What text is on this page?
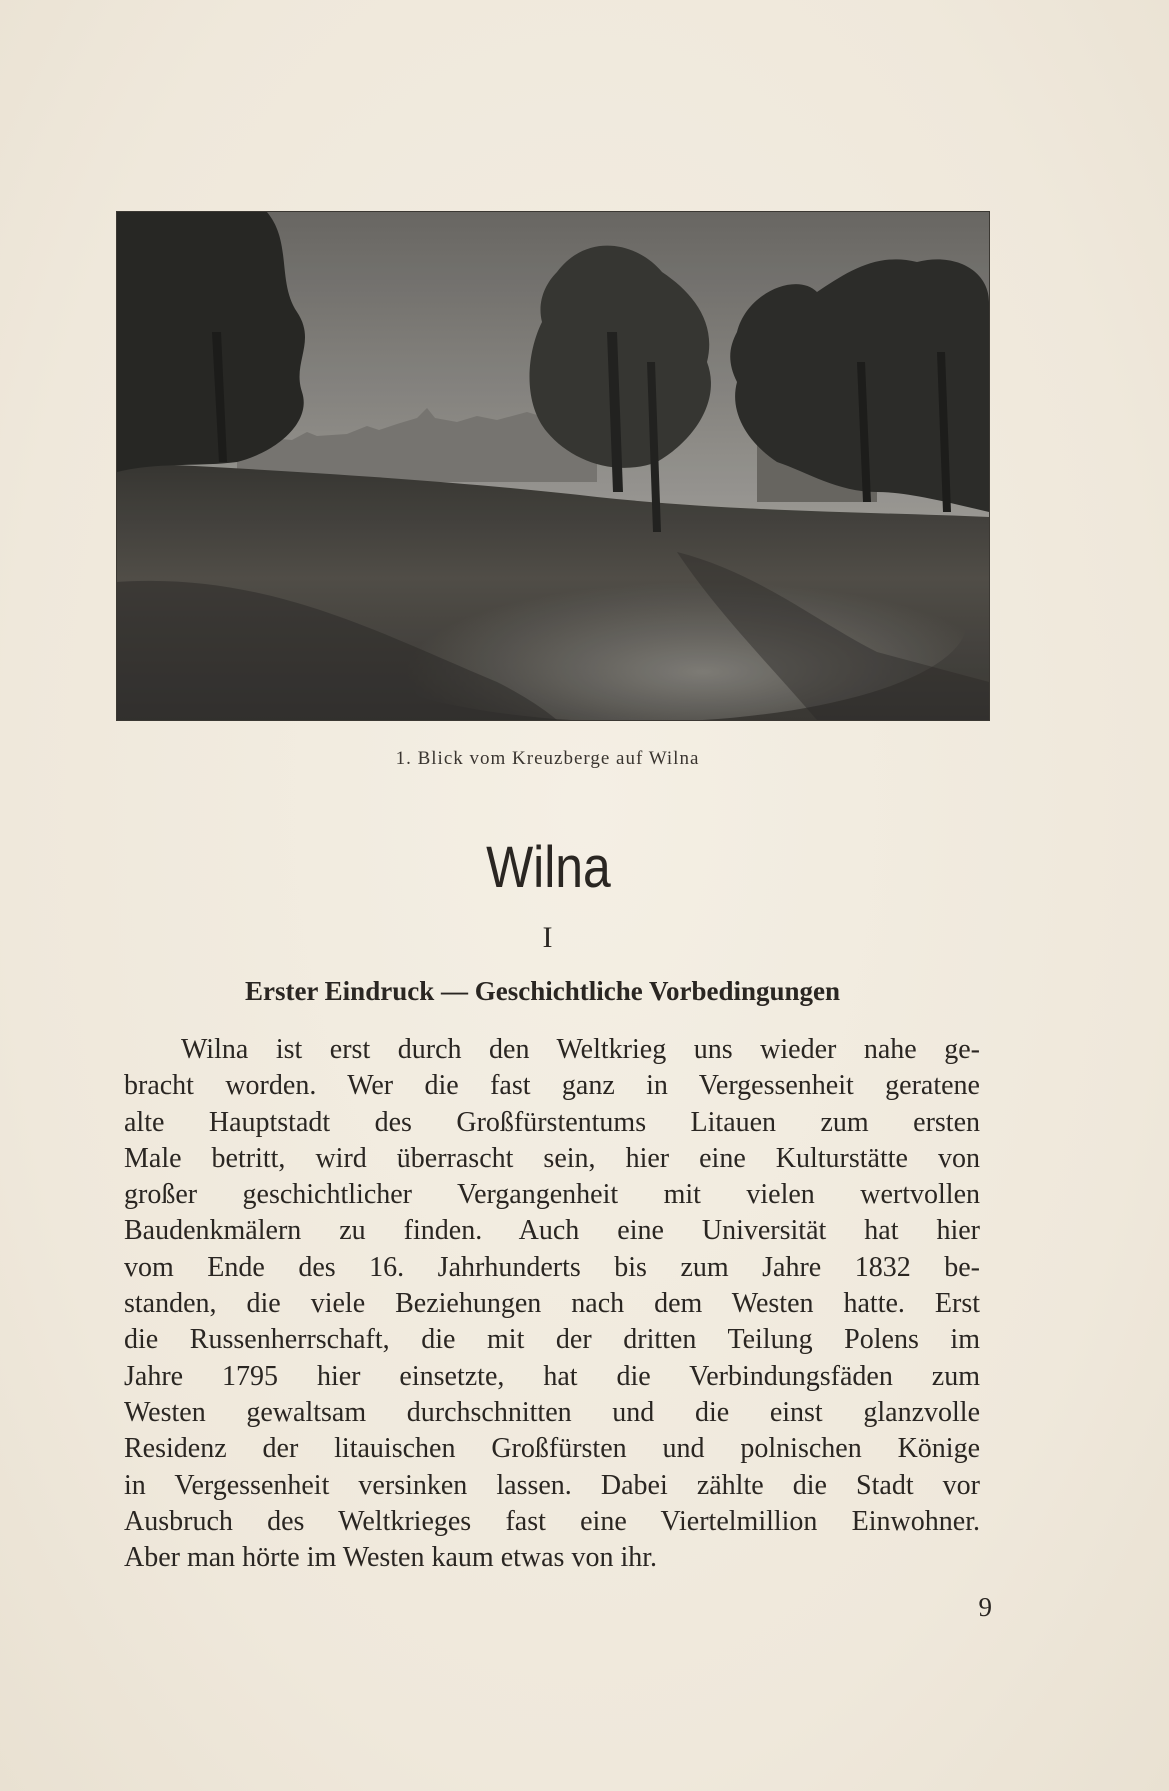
1. Blick vom Kreuzberge auf Wilna
Wilna
I
Erster Eindruck — Geschichtliche Vorbedingungen
Wilna ist erst durch den Weltkrieg uns wieder nahe ge-
bracht worden. Wer die fast ganz in Vergessenheit geratene
alte Hauptstadt des Großfürstentums Litauen zum ersten
Male betritt, wird überrascht sein, hier eine Kulturstätte von
großer geschichtlicher Vergangenheit mit vielen wertvollen
Baudenkmälern zu finden. Auch eine Universität hat hier
vom Ende des 16. Jahrhunderts bis zum Jahre 1832 be-
standen, die viele Beziehungen nach dem Westen hatte. Erst
die Russenherrschaft, die mit der dritten Teilung Polens im
Jahre 1795 hier einsetzte, hat die Verbindungsfäden zum
Westen gewaltsam durchschnitten und die einst glanzvolle
Residenz der litauischen Großfürsten und polnischen Könige
in Vergessenheit versinken lassen. Dabei zählte die Stadt vor
Ausbruch des Weltkrieges fast eine Viertelmillion Einwohner.
Aber man hörte im Westen kaum etwas von ihr.
9
